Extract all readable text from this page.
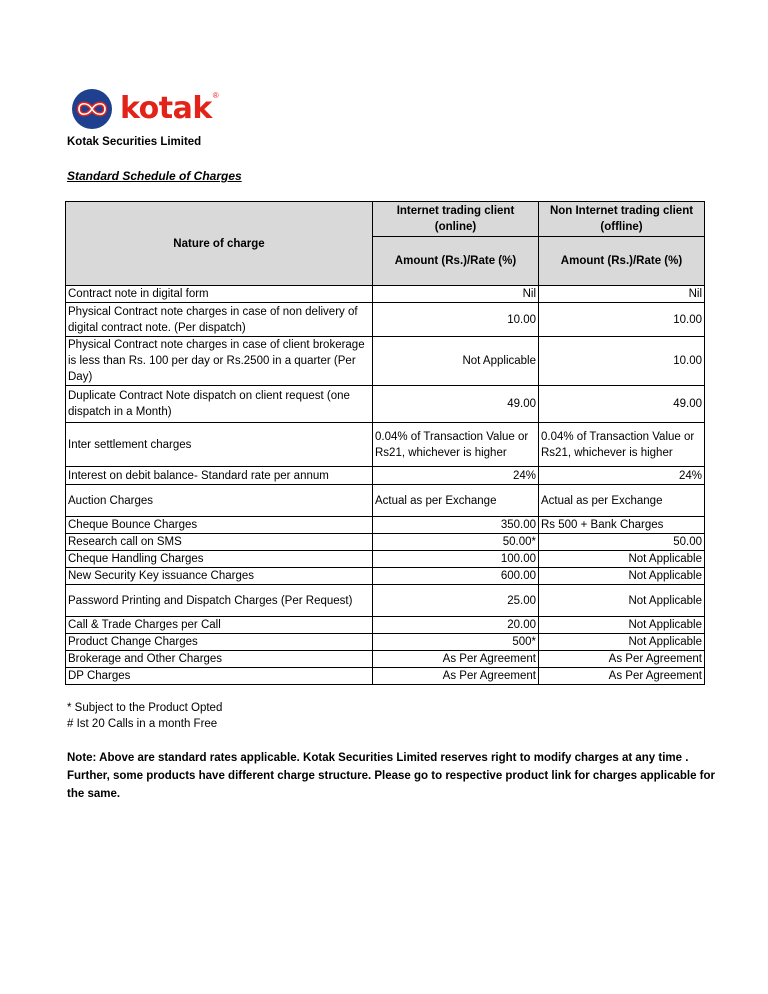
kotak ®
Kotak Securities Limited
Standard Schedule of Charges
Nature of charge	Internet trading client (online)	Non Internet trading client (offline)
	Amount (Rs.)/Rate (%)	Amount (Rs.)/Rate (%)
Contract note in digital form	Nil	Nil
Physical Contract note charges in case of non delivery of digital contract note. (Per dispatch)	10.00	10.00
Physical Contract note charges in case of client brokerage is less than Rs. 100 per day or Rs.2500 in a quarter (Per Day)	Not Applicable	10.00
Duplicate Contract Note dispatch on client request (one dispatch in a Month)	49.00	49.00
Inter settlement charges	0.04% of Transaction Value or Rs21, whichever is higher	0.04% of Transaction Value or Rs21, whichever is higher
Interest on debit balance- Standard rate per annum	24%	24%
Auction Charges	Actual as per Exchange	Actual as per Exchange
Cheque Bounce Charges	350.00	Rs 500 + Bank Charges
Research call on SMS	50.00*	50.00
Cheque Handling Charges	100.00	Not Applicable
New Security Key issuance Charges	600.00	Not Applicable
Password Printing and Dispatch Charges (Per Request)	25.00	Not Applicable
Call & Trade Charges per Call	20.00	Not Applicable
Product Change Charges	500*	Not Applicable
Brokerage and Other Charges	As Per Agreement	As Per Agreement
DP Charges	As Per Agreement	As Per Agreement
* Subject to the Product Opted
# Ist 20 Calls in a month Free
Note: Above are standard rates applicable. Kotak Securities Limited reserves right to modify charges at any time . Further, some products have different charge structure. Please go to respective product link for charges applicable for the same.
